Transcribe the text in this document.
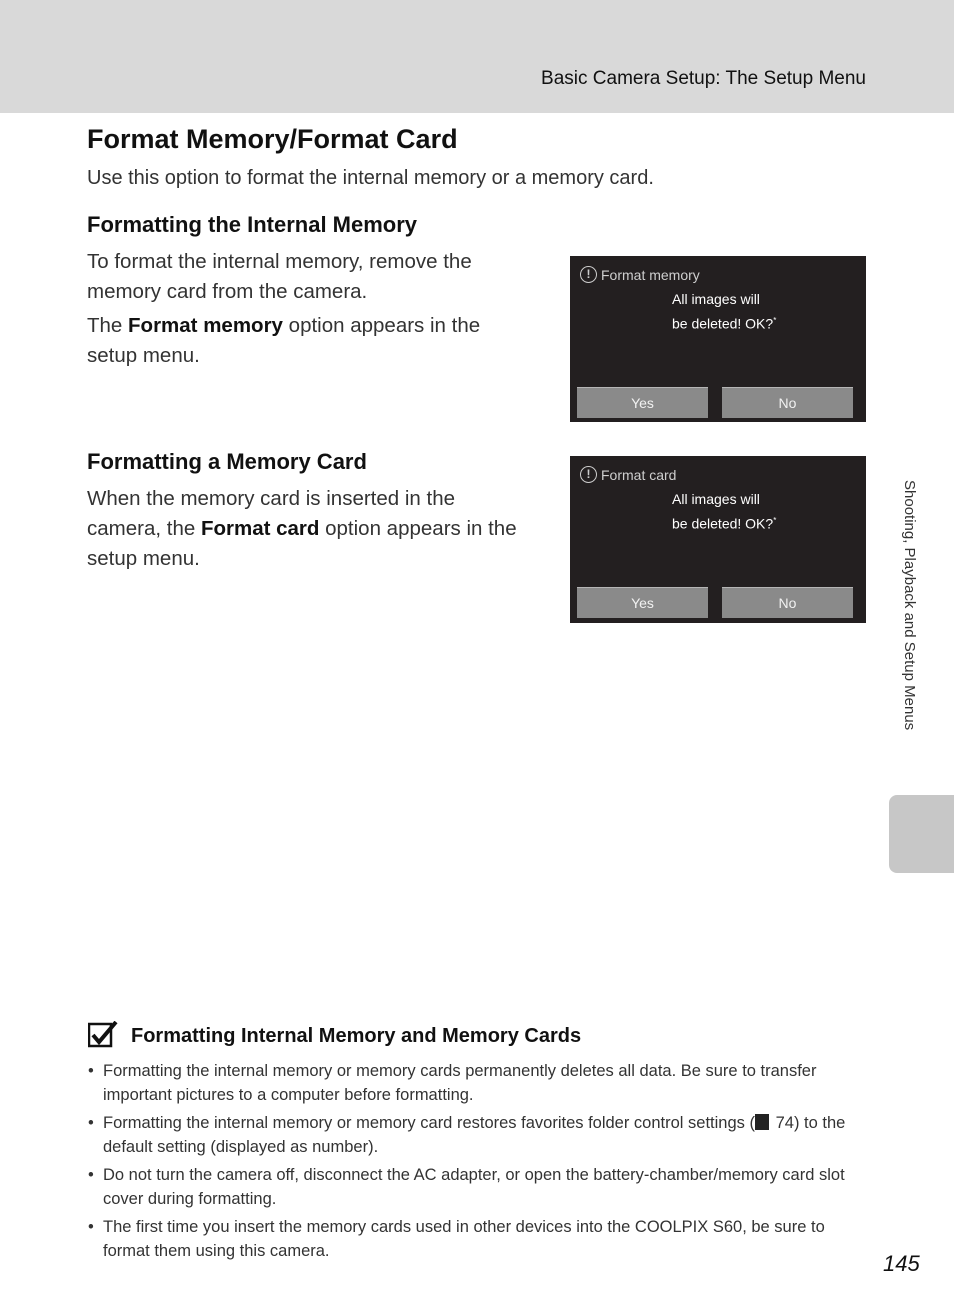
Basic Camera Setup: The Setup Menu
Format Memory/Format Card

Use this option to format the internal memory or a memory card.

Formatting the Internal Memory

To format the internal memory, remove the memory card from the camera.

The Format memory option appears in the setup menu.

! Format memory
All images will
be deleted! OK?*
Yes	No
Formatting a Memory Card

When the memory card is inserted in the camera, the Format card option appears in the setup menu.

! Format card
All images will
be deleted! OK?*
Yes	No	Shooting, Playback and Setup Menus
Formatting Internal Memory and Memory Cards
• Formatting the internal memory or memory cards permanently deletes all data. Be sure to transfer important pictures to a computer before formatting.
• Formatting the internal memory or memory card restores favorites folder control settings ( 74) to the default setting (displayed as number).
• Do not turn the camera off, disconnect the AC adapter, or open the battery-chamber/memory card slot cover during formatting.
• The first time you insert the memory cards used in other devices into the COOLPIX S60, be sure to format them using this camera.	145
